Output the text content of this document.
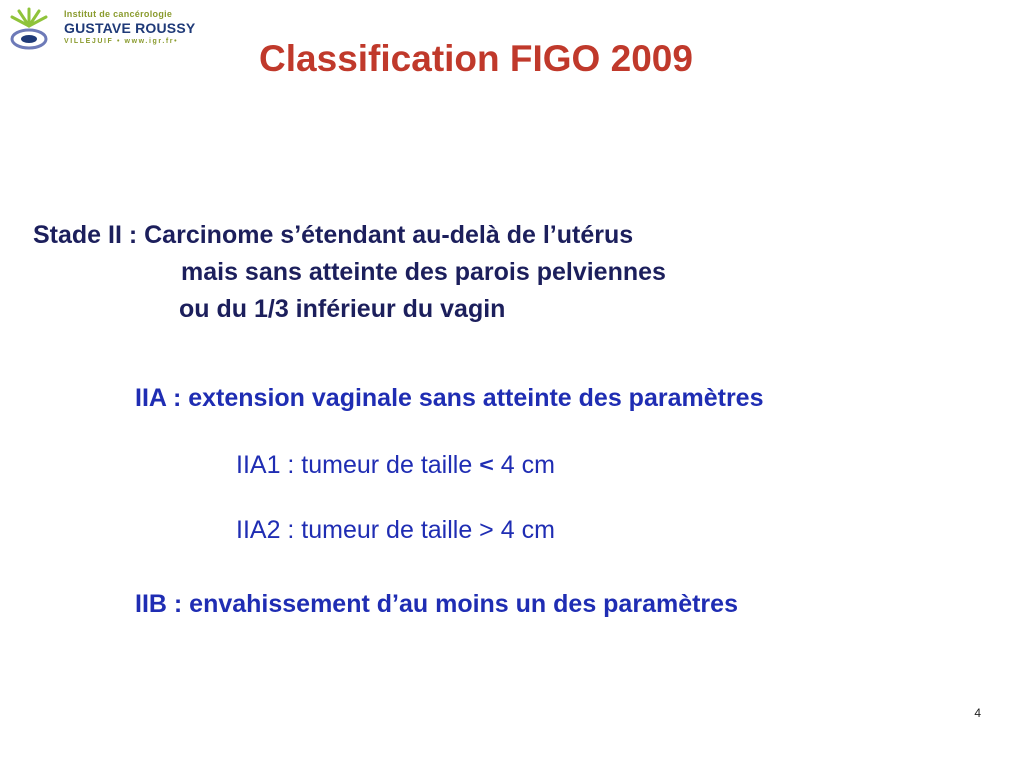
Institut de cancérologie
GUSTAVE ROUSSY
VILLEJUIF • www.igr.fr•	Classification FIGO 2009
Stade II : Carcinome s’étendant au-delà de l’utérus
mais sans atteinte des parois pelviennes
ou du 1/3 inférieur du vagin
IIA : extension vaginale sans atteinte des paramètres
IIA1 : tumeur de taille < 4 cm
IIA2 : tumeur de taille > 4 cm
IIB : envahissement d’au moins un des paramètres
4
